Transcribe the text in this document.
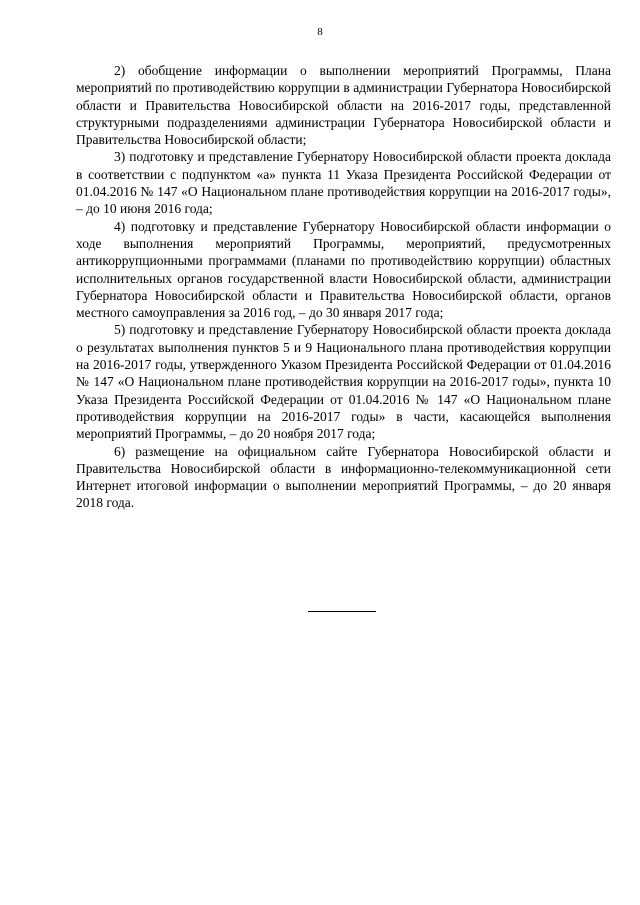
8

2) обобщение информации о выполнении мероприятий Программы, Плана мероприятий по противодействию коррупции в администрации Губернатора Новосибирской области и Правительства Новосибирской области на 2016-2017 годы, представленной структурными подразделениями администрации Губернатора Новосибирской области и Правительства Новосибирской области;

3) подготовку и представление Губернатору Новосибирской области проекта доклада в соответствии с подпунктом «а» пункта 11 Указа Президента Российской Федерации от 01.04.2016 № 147 «О Национальном плане противодействия коррупции на 2016-2017 годы», – до 10 июня 2016 года;

4) подготовку и представление Губернатору Новосибирской области информации о ходе выполнения мероприятий Программы, мероприятий, предусмотренных антикоррупционными программами (планами по противодействию коррупции) областных исполнительных органов государственной власти Новосибирской области, администрации Губернатора Новосибирской области и Правительства Новосибирской области, органов местного самоуправления за 2016 год, – до 30 января 2017 года;

5) подготовку и представление Губернатору Новосибирской области проекта доклада о результатах выполнения пунктов 5 и 9 Национального плана противодействия коррупции на 2016-2017 годы, утвержденного Указом Президента Российской Федерации от 01.04.2016 № 147 «О Национальном плане противодействия коррупции на 2016-2017 годы», пункта 10 Указа Президента Российской Федерации от 01.04.2016 № 147 «О Национальном плане противодействия коррупции на 2016-2017 годы» в части, касающейся выполнения мероприятий Программы, – до 20 ноября 2017 года;

6) размещение на официальном сайте Губернатора Новосибирской области и Правительства Новосибирской области в информационно-телекоммуникационной сети Интернет итоговой информации о выполнении мероприятий Программы, – до 20 января 2018 года.
